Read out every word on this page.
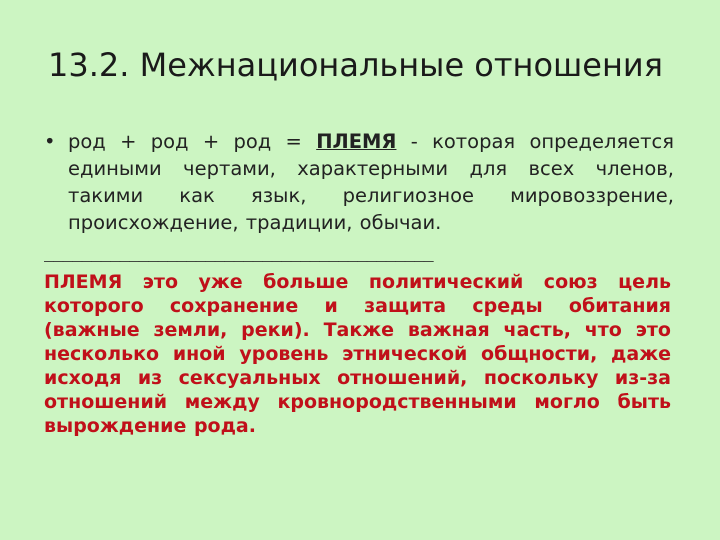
13.2. Межнациональные отношения
• род + род + род = ПЛЕМЯ - которая определяется
едиными чертами, характерными для всех членов,
такими как язык, религиозное мировоззрение,
происхождение, традиции, обычаи.
_________________________________________
ПЛЕМЯ это уже больше политический союз цель
которого сохранение и защита среды обитания
(важные земли, реки). Также важная часть, что это
несколько иной уровень этнической общности, даже
исходя из сексуальных отношений, поскольку из-за
отношений между кровнородственными могло быть
вырождение рода.
